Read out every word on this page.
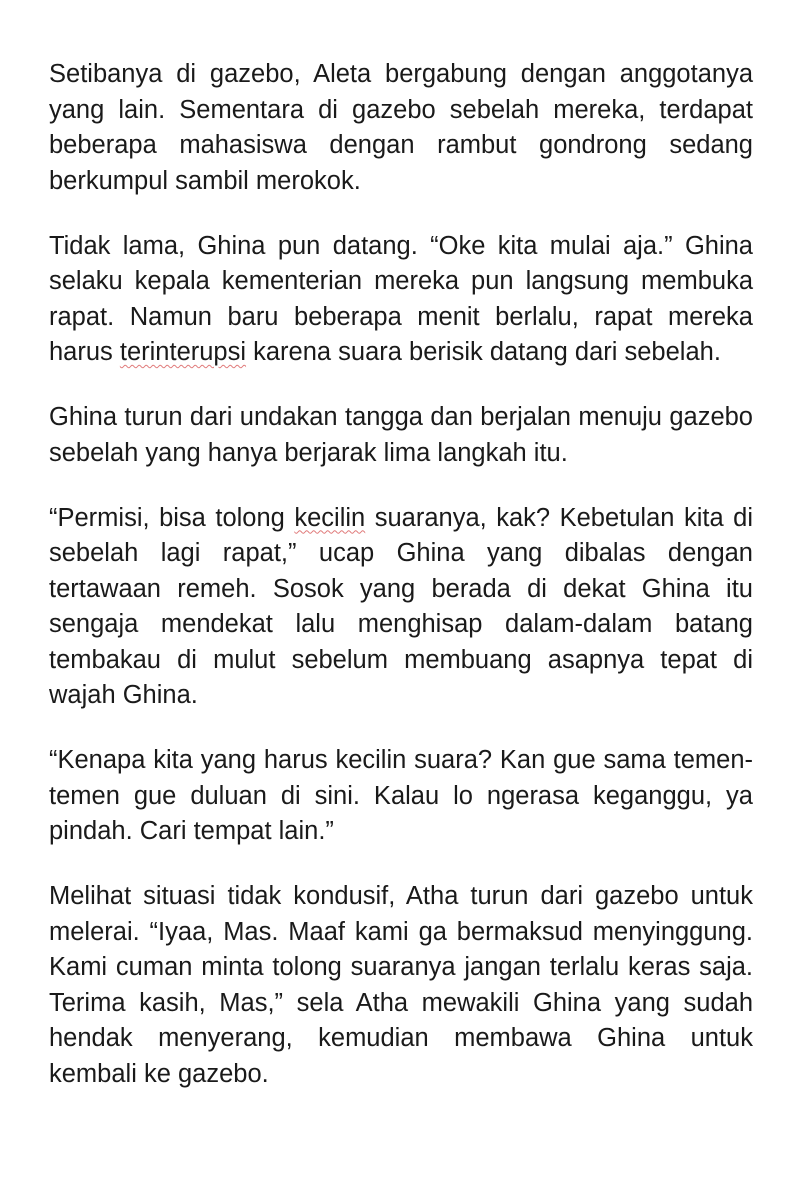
Setibanya di gazebo, Aleta bergabung dengan anggotanya yang lain. Sementara di gazebo sebelah mereka, terdapat beberapa mahasiswa dengan rambut gondrong sedang berkumpul sambil merokok.

Tidak lama, Ghina pun datang. “Oke kita mulai aja.” Ghina selaku kepala kementerian mereka pun langsung membuka rapat. Namun baru beberapa menit berlalu, rapat mereka harus terinterupsi karena suara berisik datang dari sebelah.

Ghina turun dari undakan tangga dan berjalan menuju gazebo sebelah yang hanya berjarak lima langkah itu.

“Permisi, bisa tolong kecilin suaranya, kak? Kebetulan kita di sebelah lagi rapat,” ucap Ghina yang dibalas dengan tertawaan remeh. Sosok yang berada di dekat Ghina itu sengaja mendekat lalu menghisap dalam-dalam batang tembakau di mulut sebelum membuang asapnya tepat di wajah Ghina.

“Kenapa kita yang harus kecilin suara? Kan gue sama temen-temen gue duluan di sini. Kalau lo ngerasa keganggu, ya pindah. Cari tempat lain.”

Melihat situasi tidak kondusif, Atha turun dari gazebo untuk melerai. “Iyaa, Mas. Maaf kami ga bermaksud menyinggung. Kami cuman minta tolong suaranya jangan terlalu keras saja. Terima kasih, Mas,” sela Atha mewakili Ghina yang sudah hendak menyerang, kemudian membawa Ghina untuk kembali ke gazebo.
